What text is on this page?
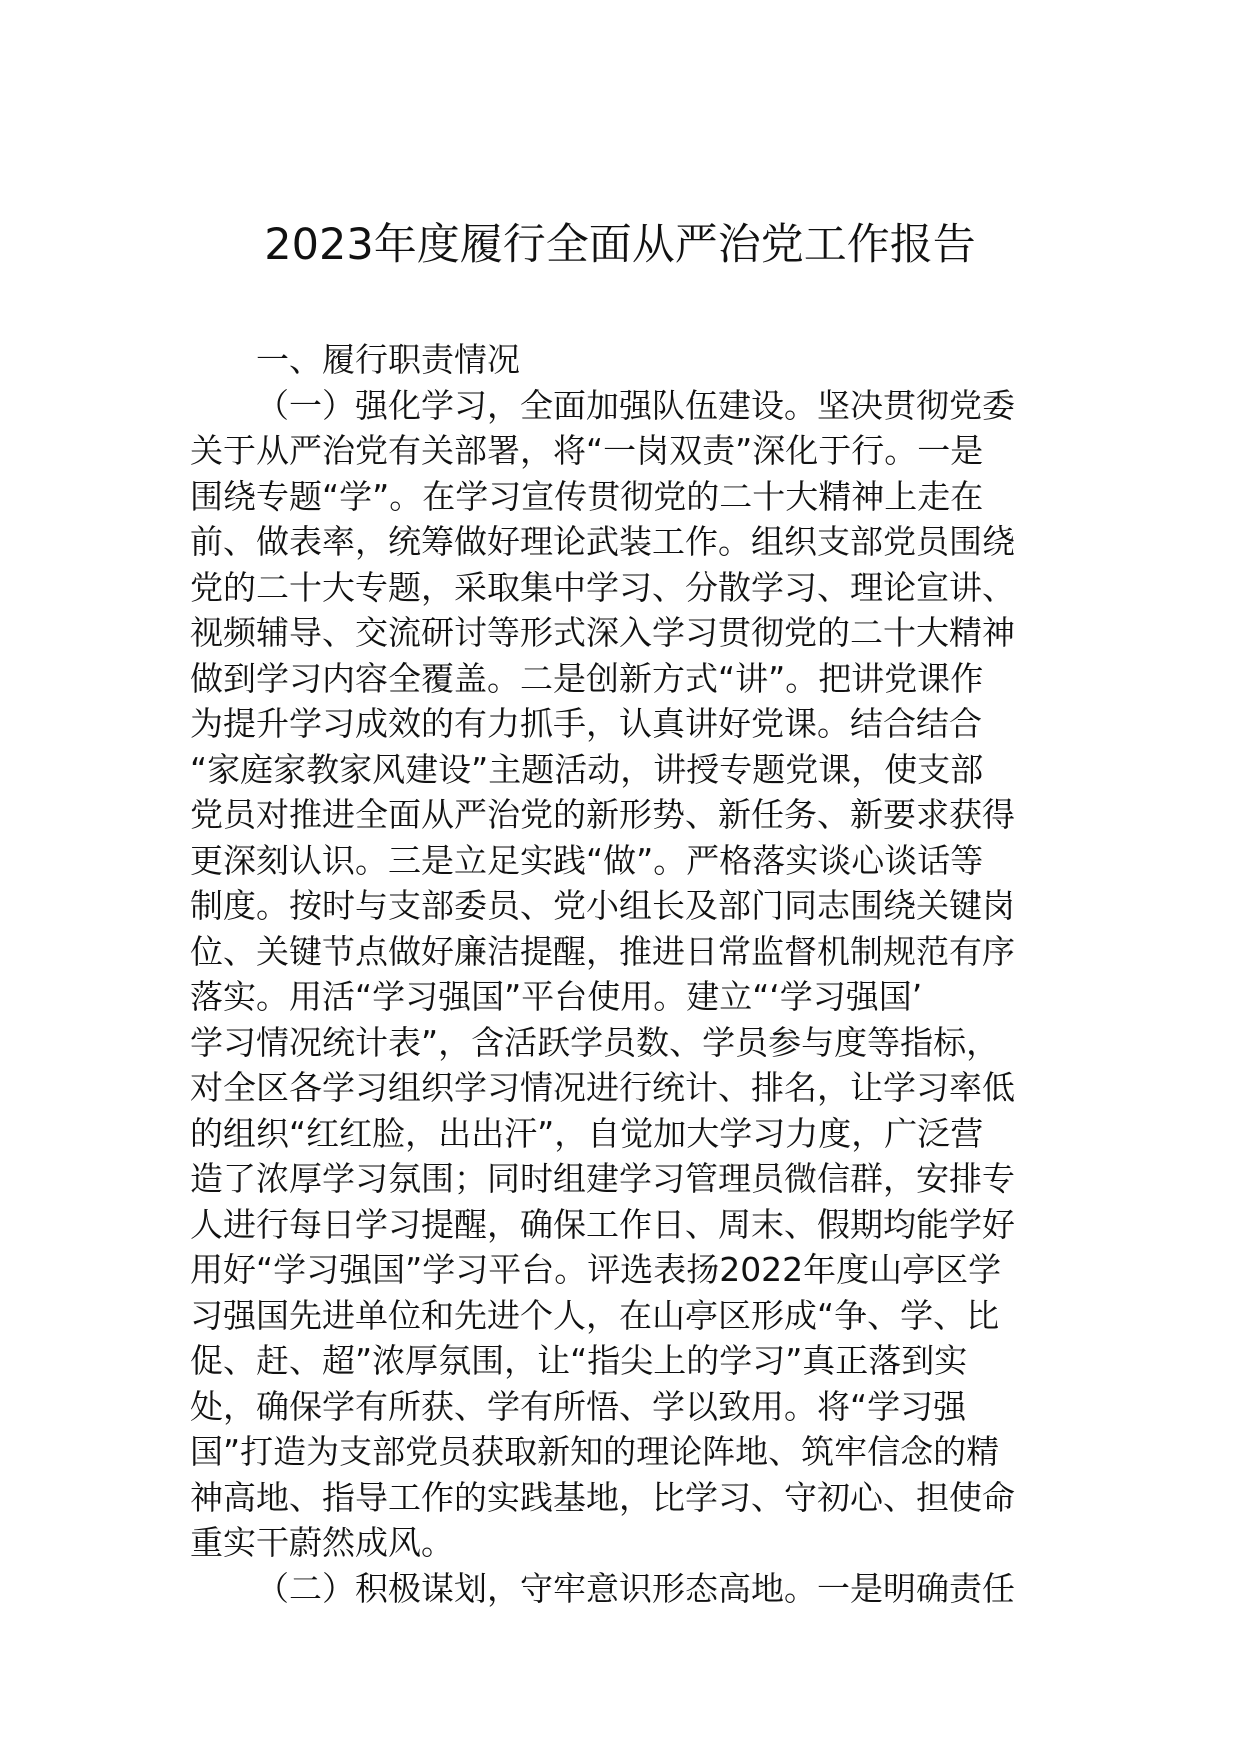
2023年度履行全面从严治党工作报告
一、履行职责情况
（一）强化学习，全面加强队伍建设。坚决贯彻党委
关于从严治党有关部署，将“一岗双责”深化于行。一是
围绕专题“学”。在学习宣传贯彻党的二十大精神上走在
前、做表率，统筹做好理论武装工作。组织支部党员围绕
党的二十大专题，采取集中学习、分散学习、理论宣讲、
视频辅导、交流研讨等形式深入学习贯彻党的二十大精神
做到学习内容全覆盖。二是创新方式“讲”。把讲党课作
为提升学习成效的有力抓手，认真讲好党课。结合结合
“家庭家教家风建设”主题活动，讲授专题党课，使支部
党员对推进全面从严治党的新形势、新任务、新要求获得
更深刻认识。三是立足实践“做”。严格落实谈心谈话等
制度。按时与支部委员、党小组长及部门同志围绕关键岗
位、关键节点做好廉洁提醒，推进日常监督机制规范有序
落实。用活“学习强国”平台使用。建立“‘学习强国’
学习情况统计表”，含活跃学员数、学员参与度等指标，
对全区各学习组织学习情况进行统计、排名，让学习率低
的组织“红红脸，出出汗”，自觉加大学习力度，广泛营
造了浓厚学习氛围；同时组建学习管理员微信群，安排专
人进行每日学习提醒，确保工作日、周末、假期均能学好
用好“学习强国”学习平台。评选表扬2022年度山亭区学
习强国先进单位和先进个人，在山亭区形成“争、学、比
促、赶、超”浓厚氛围，让“指尖上的学习”真正落到实
处，确保学有所获、学有所悟、学以致用。将“学习强
国”打造为支部党员获取新知的理论阵地、筑牢信念的精
神高地、指导工作的实践基地，比学习、守初心、担使命
重实干蔚然成风。
（二）积极谋划，守牢意识形态高地。一是明确责任
